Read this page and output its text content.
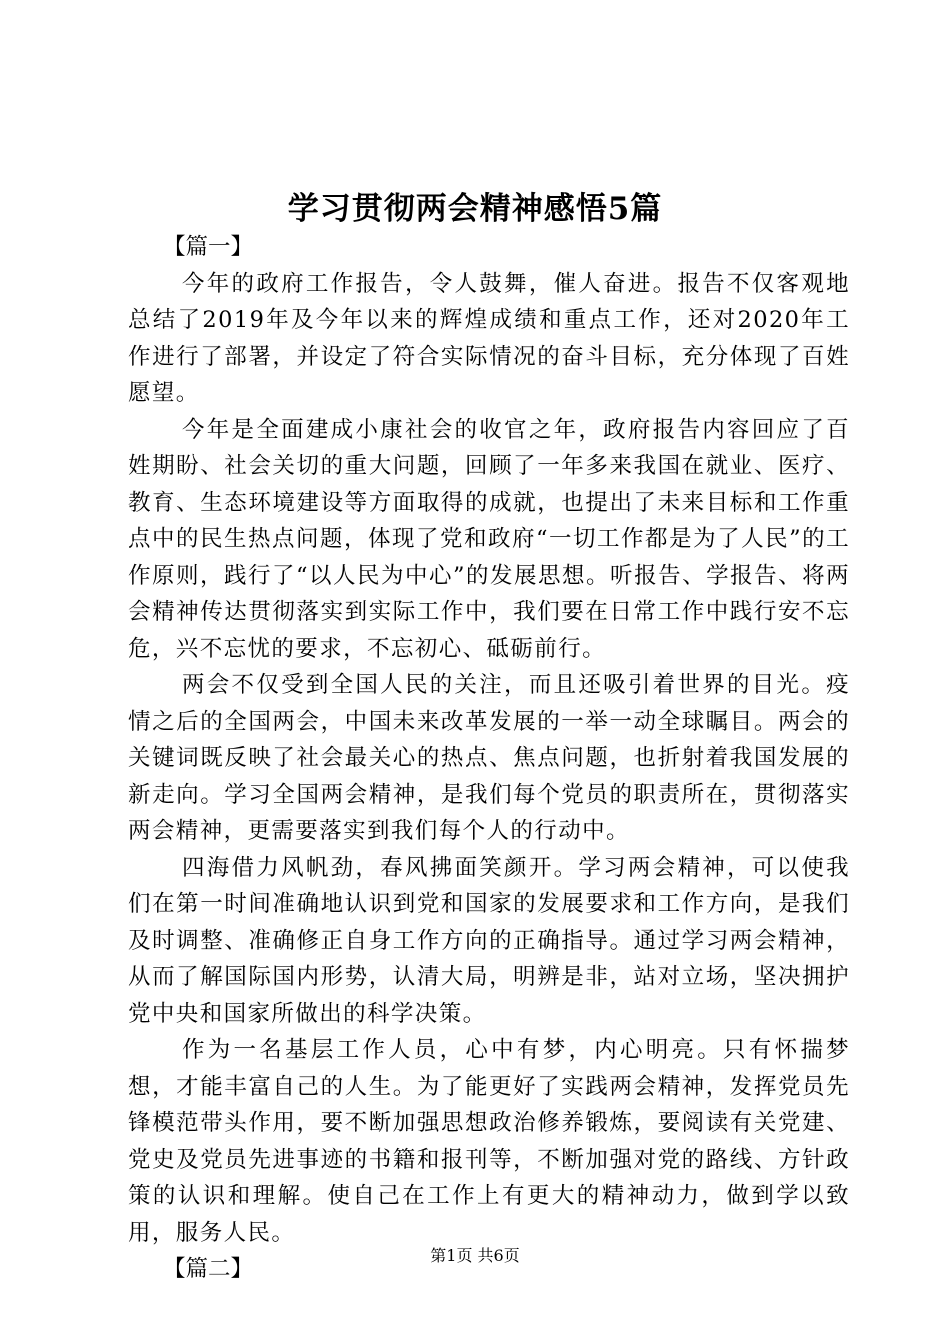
学习贯彻两会精神感悟5篇

【篇一】

今年的政府工作报告，令人鼓舞，催人奋进。报告不仅客观地总结了2019年及今年以来的辉煌成绩和重点工作，还对2020年工作进行了部署，并设定了符合实际情况的奋斗目标，充分体现了百姓愿望。

今年是全面建成小康社会的收官之年，政府报告内容回应了百姓期盼、社会关切的重大问题，回顾了一年多来我国在就业、医疗、教育、生态环境建设等方面取得的成就，也提出了未来目标和工作重点中的民生热点问题，体现了党和政府“一切工作都是为了人民”的工作原则，践行了“以人民为中心”的发展思想。听报告、学报告、将两会精神传达贯彻落实到实际工作中，我们要在日常工作中践行安不忘危，兴不忘忧的要求，不忘初心、砥砺前行。

两会不仅受到全国人民的关注，而且还吸引着世界的目光。疫情之后的全国两会，中国未来改革发展的一举一动全球瞩目。两会的关键词既反映了社会最关心的热点、焦点问题，也折射着我国发展的新走向。学习全国两会精神，是我们每个党员的职责所在，贯彻落实两会精神，更需要落实到我们每个人的行动中。

四海借力风帆劲，春风拂面笑颜开。学习两会精神，可以使我们在第一时间准确地认识到党和国家的发展要求和工作方向，是我们及时调整、准确修正自身工作方向的正确指导。通过学习两会精神，从而了解国际国内形势，认清大局，明辨是非，站对立场，坚决拥护党中央和国家所做出的科学决策。

作为一名基层工作人员，心中有梦，内心明亮。只有怀揣梦想，才能丰富自己的人生。为了能更好了实践两会精神，发挥党员先锋模范带头作用，要不断加强思想政治修养锻炼，要阅读有关党建、党史及党员先进事迹的书籍和报刊等，不断加强对党的路线、方针政策的认识和理解。使自己在工作上有更大的精神动力，做到学以致用，服务人民。

【篇二】

第1页 共6页
